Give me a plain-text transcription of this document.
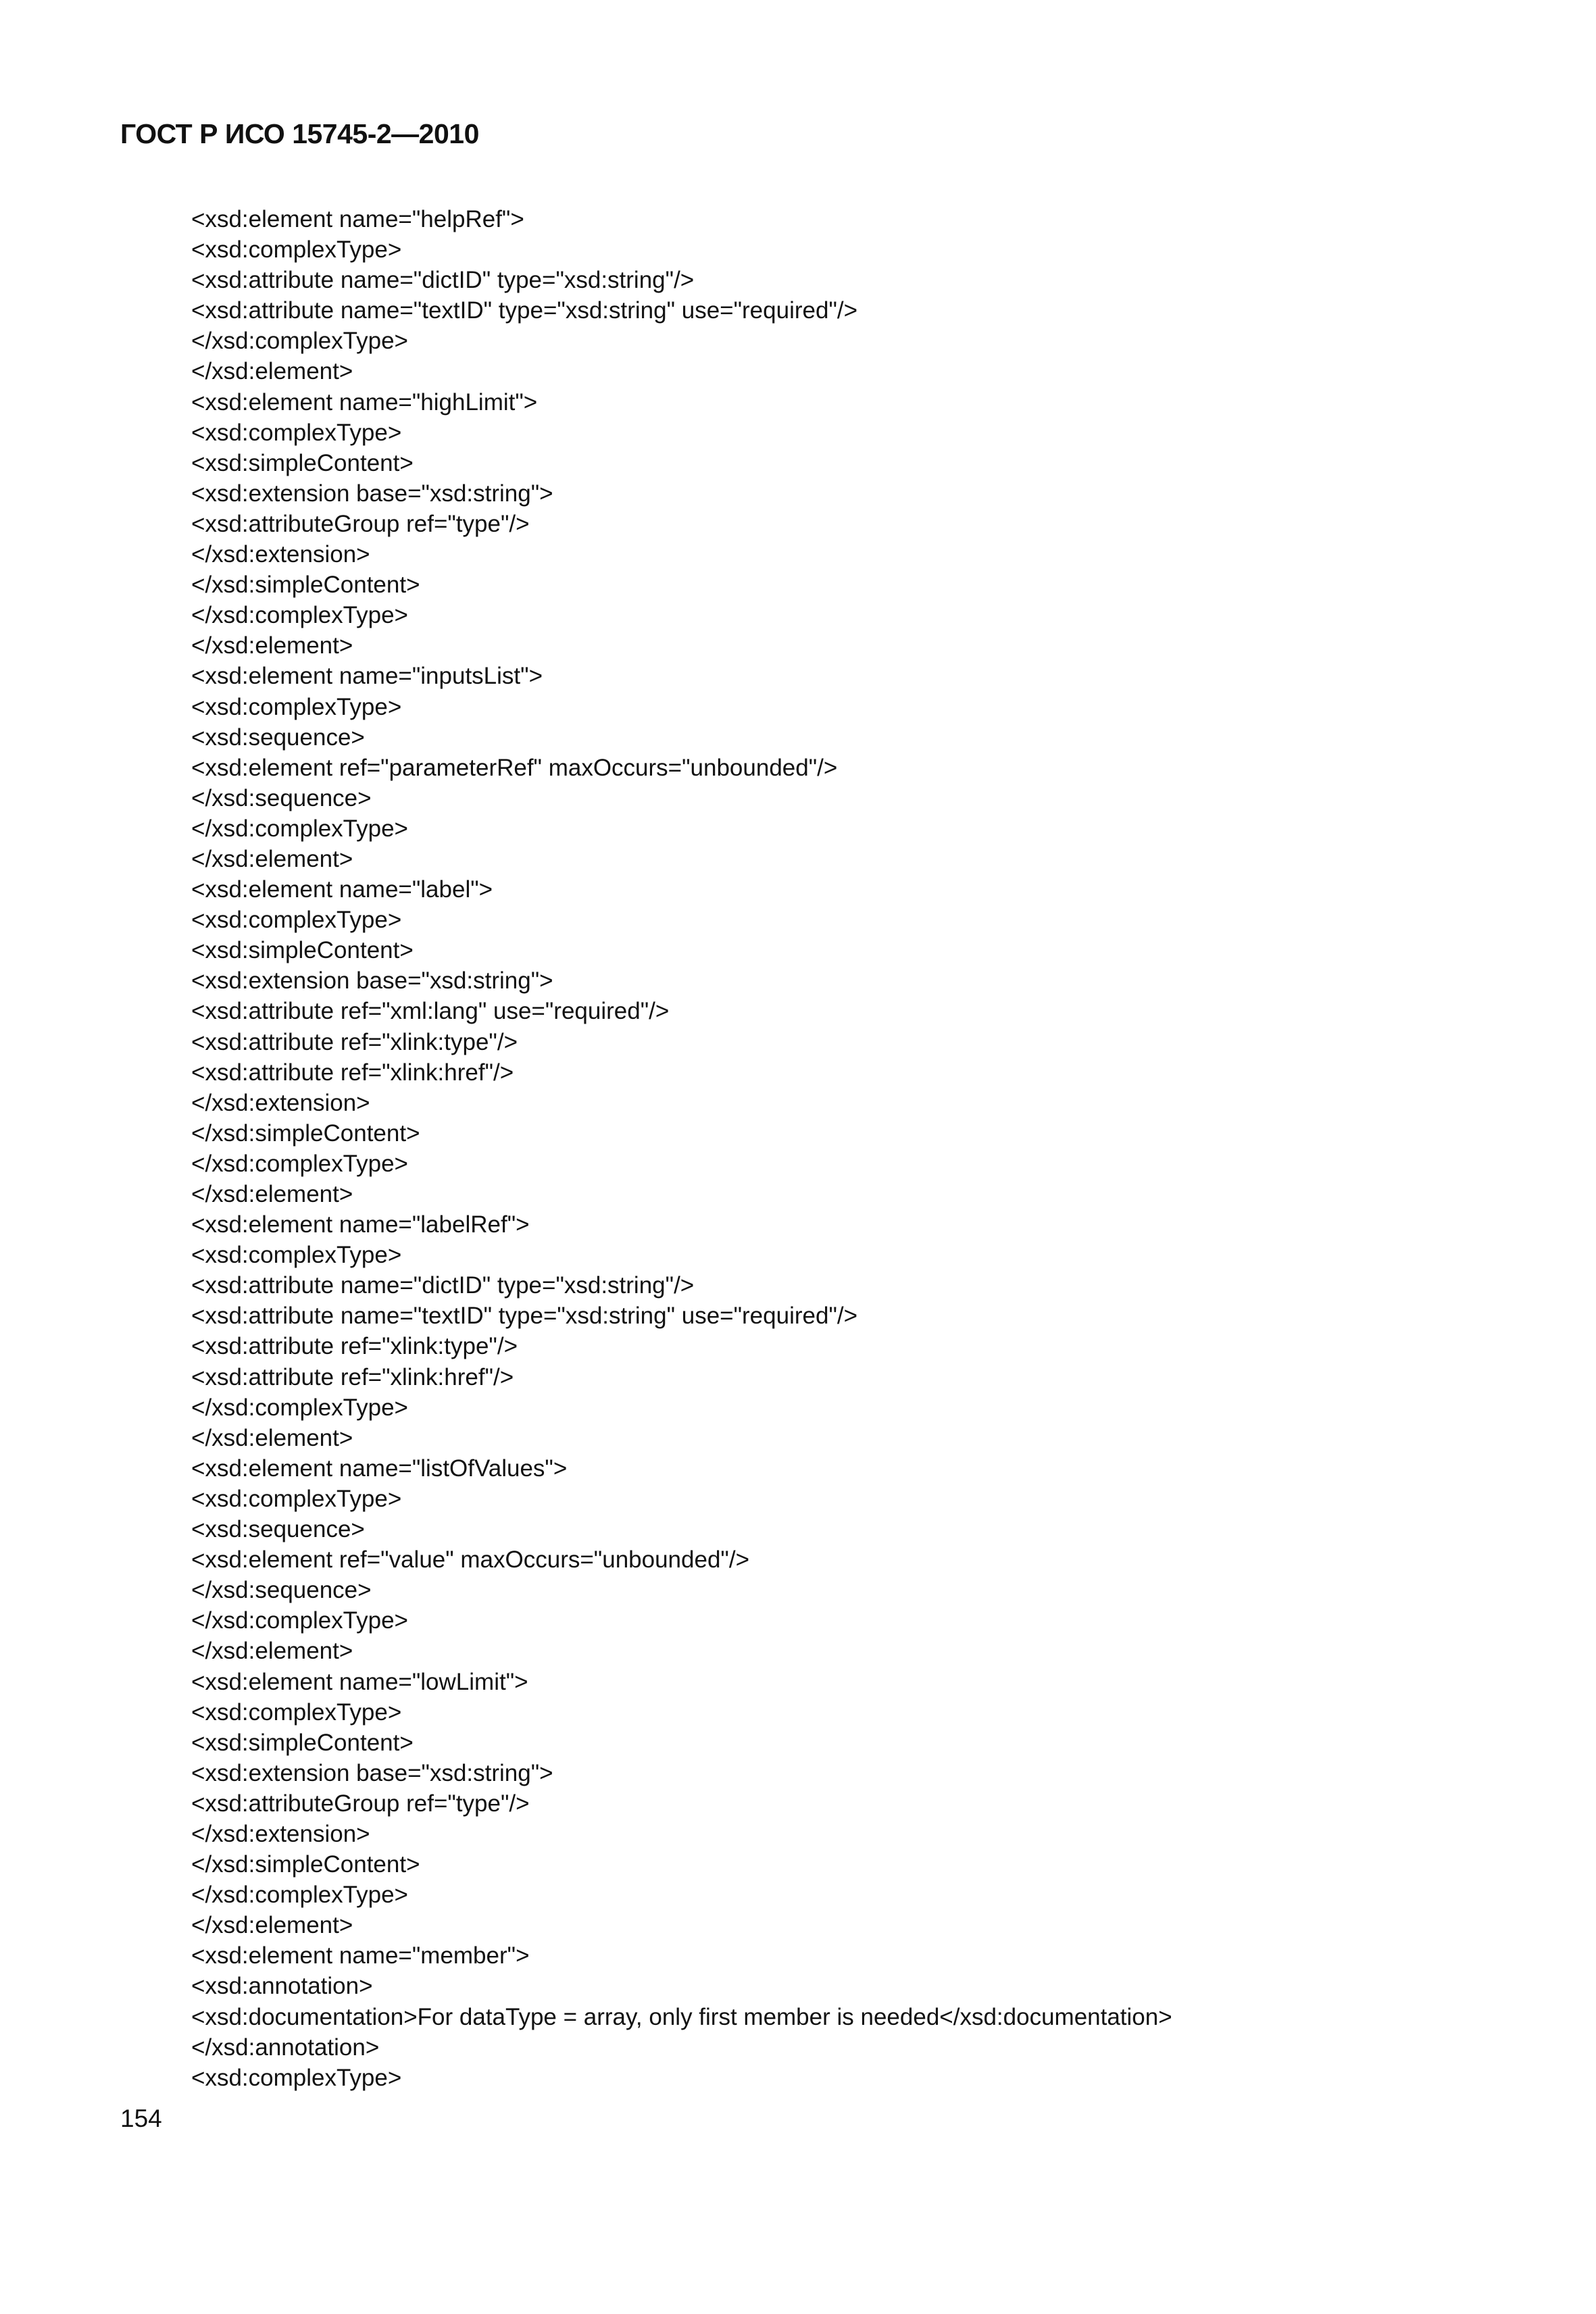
ГОСТ Р ИСО 15745-2—2010
<xsd:element name="helpRef">
<xsd:complexType>
<xsd:attribute name="dictID" type="xsd:string"/>
<xsd:attribute name="textID" type="xsd:string" use="required"/>
</xsd:complexType>
</xsd:element>
<xsd:element name="highLimit">
<xsd:complexType>
<xsd:simpleContent>
<xsd:extension base="xsd:string">
<xsd:attributeGroup ref="type"/>
</xsd:extension>
</xsd:simpleContent>
</xsd:complexType>
</xsd:element>
<xsd:element name="inputsList">
<xsd:complexType>
<xsd:sequence>
<xsd:element ref="parameterRef" maxOccurs="unbounded"/>
</xsd:sequence>
</xsd:complexType>
</xsd:element>
<xsd:element name="label">
<xsd:complexType>
<xsd:simpleContent>
<xsd:extension base="xsd:string">
<xsd:attribute ref="xml:lang" use="required"/>
<xsd:attribute ref="xlink:type"/>
<xsd:attribute ref="xlink:href"/>
</xsd:extension>
</xsd:simpleContent>
</xsd:complexType>
</xsd:element>
<xsd:element name="labelRef">
<xsd:complexType>
<xsd:attribute name="dictID" type="xsd:string"/>
<xsd:attribute name="textID" type="xsd:string" use="required"/>
<xsd:attribute ref="xlink:type"/>
<xsd:attribute ref="xlink:href"/>
</xsd:complexType>
</xsd:element>
<xsd:element name="listOfValues">
<xsd:complexType>
<xsd:sequence>
<xsd:element ref="value" maxOccurs="unbounded"/>
</xsd:sequence>
</xsd:complexType>
</xsd:element>
<xsd:element name="lowLimit">
<xsd:complexType>
<xsd:simpleContent>
<xsd:extension base="xsd:string">
<xsd:attributeGroup ref="type"/>
</xsd:extension>
</xsd:simpleContent>
</xsd:complexType>
</xsd:element>
<xsd:element name="member">
<xsd:annotation>
<xsd:documentation>For dataType = array, only first member is needed</xsd:documentation>
</xsd:annotation>
<xsd:complexType>
154
